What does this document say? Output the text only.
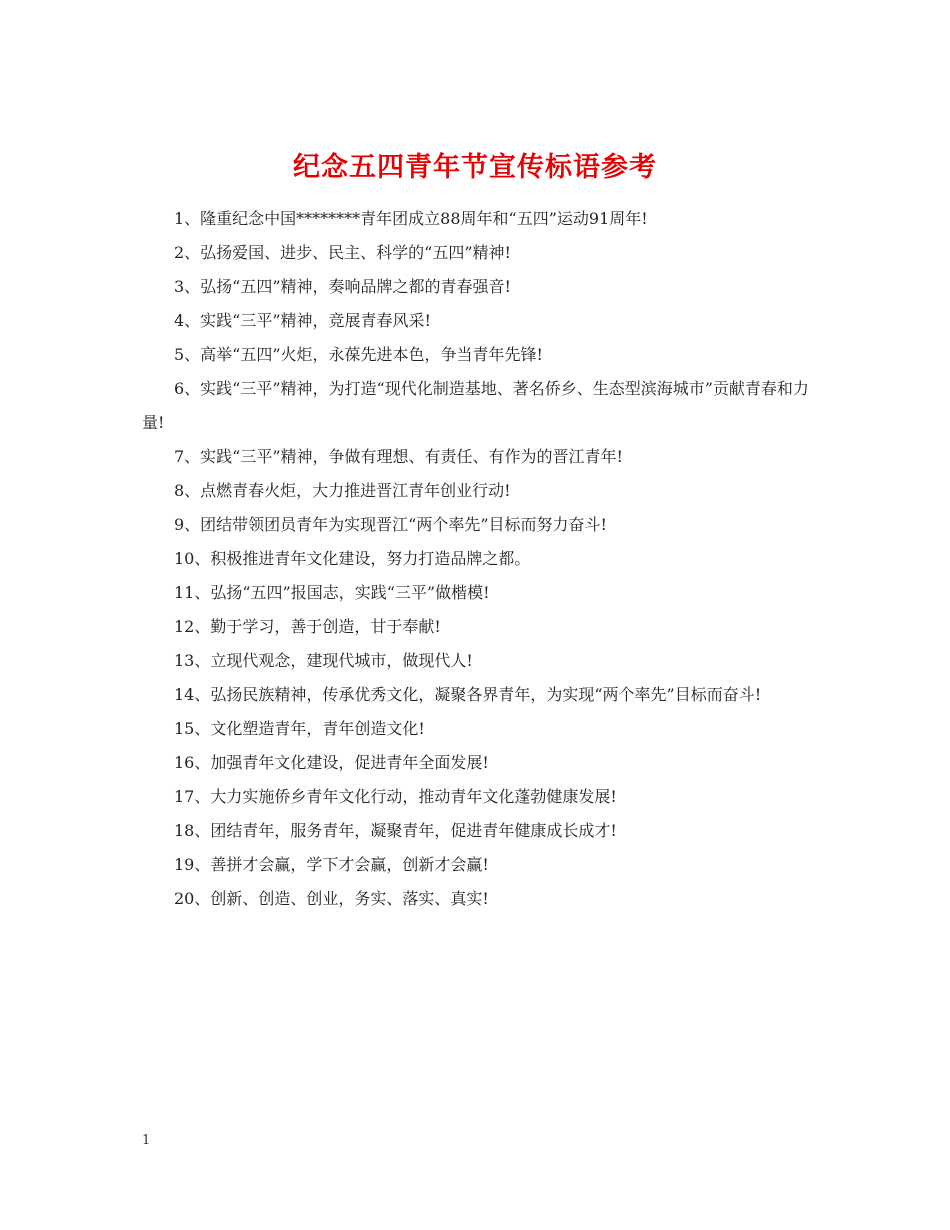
纪念五四青年节宣传标语参考

1、隆重纪念中国********青年团成立88周年和“五四”运动91周年!

2、弘扬爱国、进步、民主、科学的“五四”精神!

3、弘扬“五四”精神，奏响品牌之都的青春强音!

4、实践“三平”精神，竞展青春风采!

5、高举“五四”火炬，永葆先进本色，争当青年先锋!

6、实践“三平”精神，为打造“现代化制造基地、著名侨乡、生态型滨海城市”贡献青春和力量!

7、实践“三平”精神，争做有理想、有责任、有作为的晋江青年!

8、点燃青春火炬，大力推进晋江青年创业行动!

9、团结带领团员青年为实现晋江“两个率先”目标而努力奋斗!

10、积极推进青年文化建设，努力打造品牌之都。

11、弘扬“五四”报国志，实践“三平”做楷模!

12、勤于学习，善于创造，甘于奉献!

13、立现代观念，建现代城市，做现代人!

14、弘扬民族精神，传承优秀文化，凝聚各界青年，为实现“两个率先”目标而奋斗!

15、文化塑造青年，青年创造文化!

16、加强青年文化建设，促进青年全面发展!

17、大力实施侨乡青年文化行动，推动青年文化蓬勃健康发展!

18、团结青年，服务青年，凝聚青年，促进青年健康成长成才!

19、善拼才会赢，学下才会赢，创新才会赢!

20、创新、创造、创业，务实、落实、真实!

1
